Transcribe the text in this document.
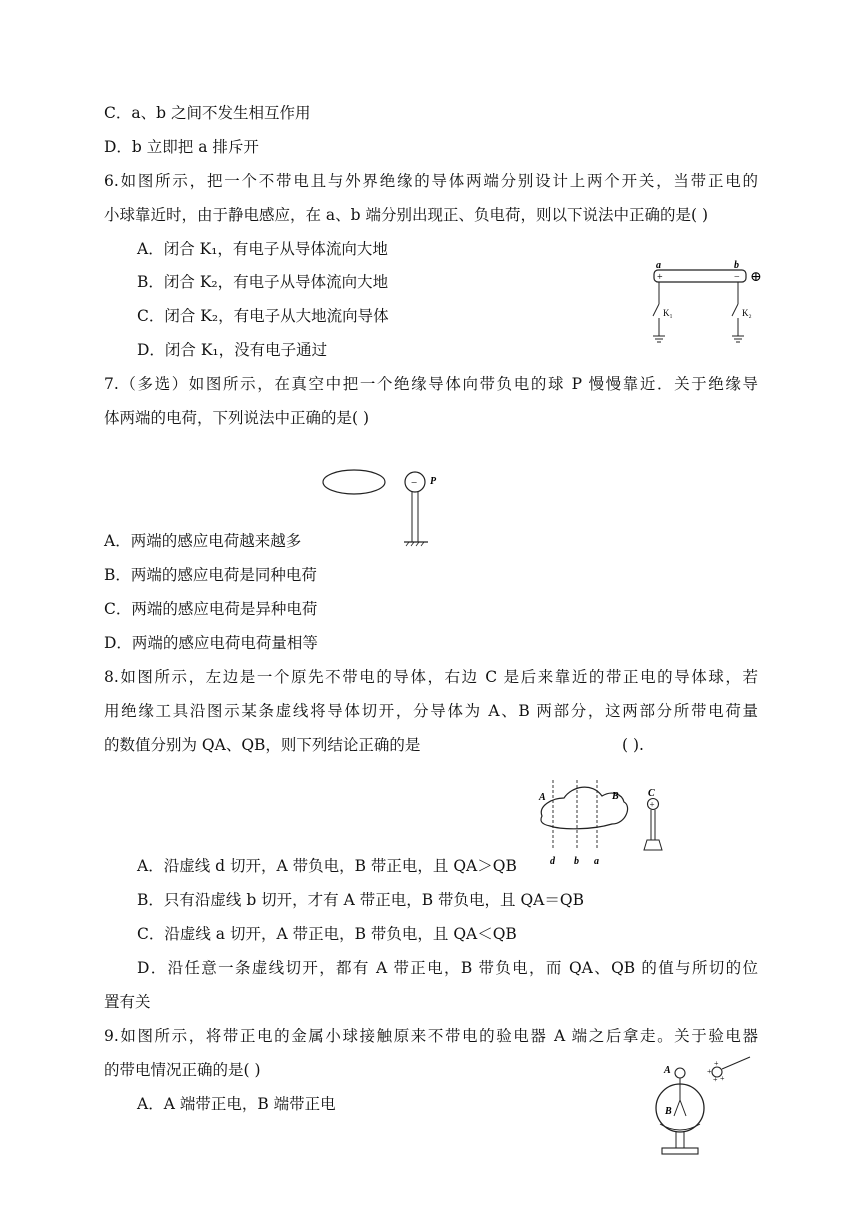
C．a、b 之间不发生相互作用
D．b 立即把 a 排斥开
6.如图所示，把一个不带电且与外界绝缘的导体两端分别设计上两个开关，当带正电的
小球靠近时，由于静电感应，在 a、b 端分别出现正、负电荷，则以下说法中正确的是( )
A．闭合 K₁，有电子从导体流向大地
B．闭合 K₂，有电子从导体流向大地
C．闭合 K₂，有电子从大地流向导体
D．闭合 K₁，没有电子通过
7.（多选）如图所示，在真空中把一个绝缘导体向带负电的球 P 慢慢靠近．关于绝缘导
体两端的电荷，下列说法中正确的是( )
A．两端的感应电荷越来越多
B．两端的感应电荷是同种电荷
C．两端的感应电荷是异种电荷
D．两端的感应电荷电荷量相等
8.如图所示，左边是一个原先不带电的导体，右边 C 是后来靠近的带正电的导体球，若
用绝缘工具沿图示某条虚线将导体切开，分导体为 A、B 两部分，这两部分所带电荷量
的数值分别为 QA、QB，则下列结论正确的是	( ).
A．沿虚线 d 切开，A 带负电，B 带正电，且 QA＞QB
B．只有沿虚线 b 切开，才有 A 带正电，B 带负电，且 QA＝QB
C．沿虚线 a 切开，A 带正电，B 带负电，且 QA＜QB
D．沿任意一条虚线切开，都有 A 带正电，B 带负电，而 QA、QB 的值与所切的位
置有关
9.如图所示，将带正电的金属小球接触原来不带电的验电器 A 端之后拿走。关于验电器
的带电情况正确的是( )
A．A 端带正电，B 端带正电
a	b
+	− ⊕
K₁	K₂
− P
A	B
d b a
C
+
A
B
+
+ +
+
